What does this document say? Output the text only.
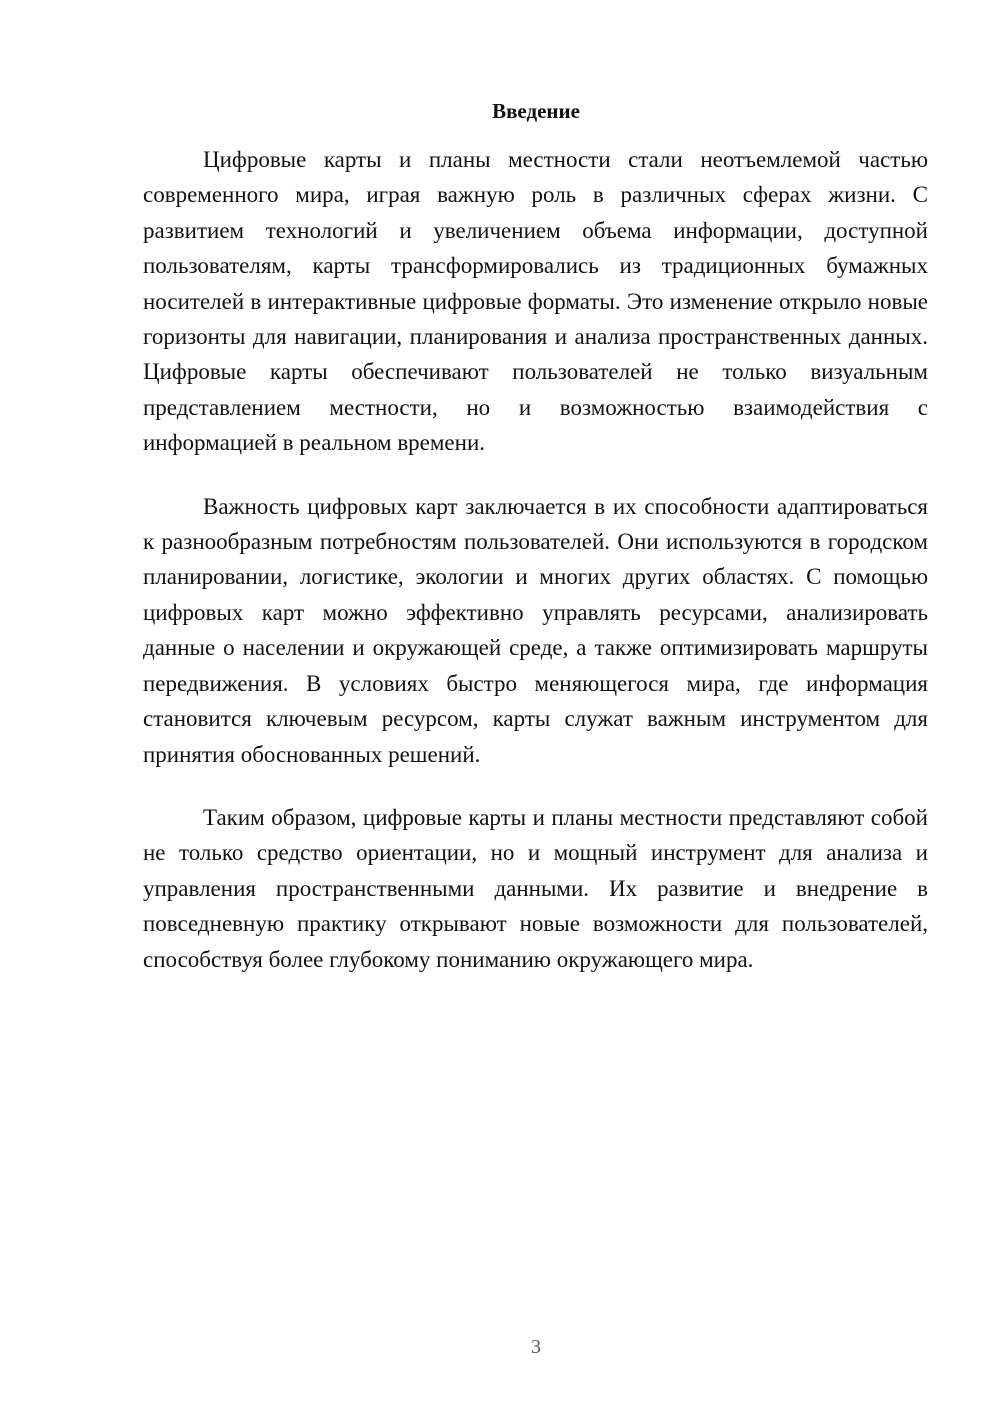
Введение

Цифровые карты и планы местности стали неотъемлемой частью современного мира, играя важную роль в различных сферах жизни. С развитием технологий и увеличением объема информации, доступной пользователям, карты трансформировались из традиционных бумажных носителей в интерактивные цифровые форматы. Это изменение открыло новые горизонты для навигации, планирования и анализа пространственных данных. Цифровые карты обеспечивают пользователей не только визуальным представлением местности, но и возможностью взаимодействия с информацией в реальном времени.

Важность цифровых карт заключается в их способности адаптироваться к разнообразным потребностям пользователей. Они используются в городском планировании, логистике, экологии и многих других областях. С помощью цифровых карт можно эффективно управлять ресурсами, анализировать данные о населении и окружающей среде, а также оптимизировать маршруты передвижения. В условиях быстро меняющегося мира, где информация становится ключевым ресурсом, карты служат важным инструментом для принятия обоснованных решений.

Таким образом, цифровые карты и планы местности представляют собой не только средство ориентации, но и мощный инструмент для анализа и управления пространственными данными. Их развитие и внедрение в повседневную практику открывают новые возможности для пользователей, способствуя более глубокому пониманию окружающего мира.

3
